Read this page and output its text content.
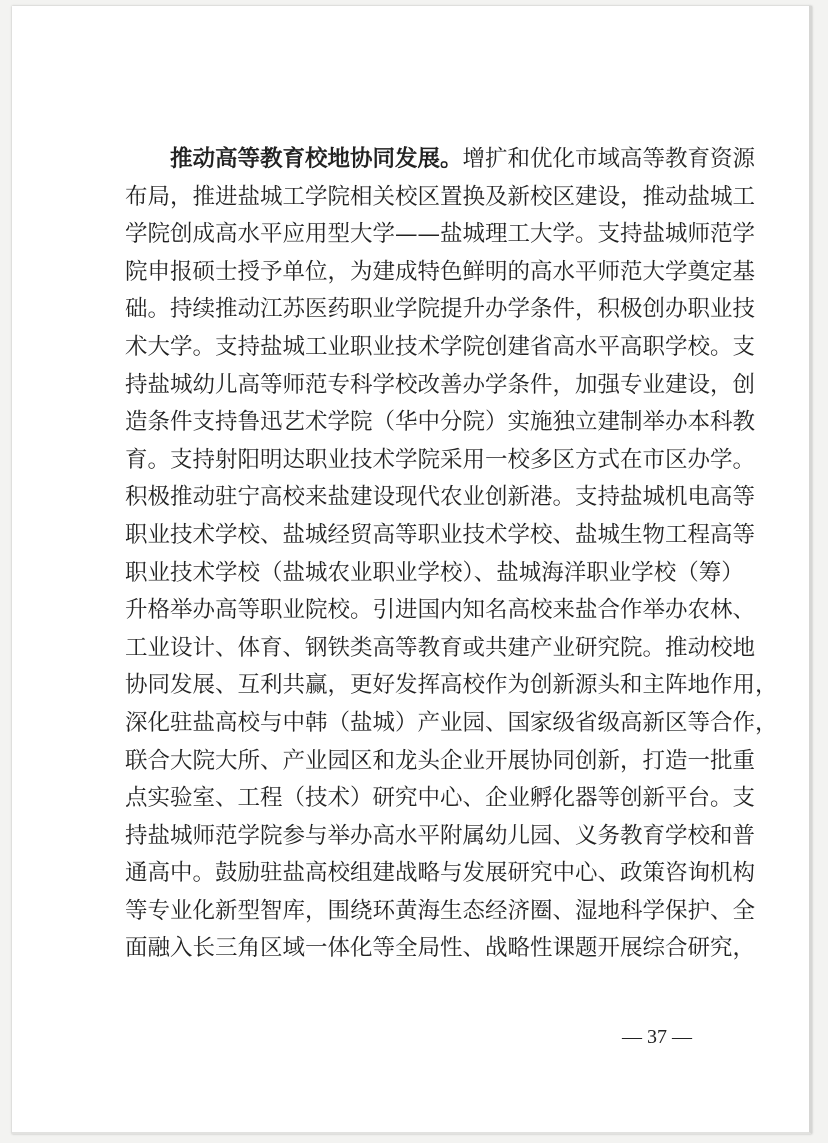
推动高等教育校地协同发展。增扩和优化市域高等教育资源
布局，推进盐城工学院相关校区置换及新校区建设，推动盐城工
学院创成高水平应用型大学——盐城理工大学。支持盐城师范学
院申报硕士授予单位，为建成特色鲜明的高水平师范大学奠定基
础。持续推动江苏医药职业学院提升办学条件，积极创办职业技
术大学。支持盐城工业职业技术学院创建省高水平高职学校。支
持盐城幼儿高等师范专科学校改善办学条件，加强专业建设，创
造条件支持鲁迅艺术学院（华中分院）实施独立建制举办本科教
育。支持射阳明达职业技术学院采用一校多区方式在市区办学。
积极推动驻宁高校来盐建设现代农业创新港。支持盐城机电高等
职业技术学校、盐城经贸高等职业技术学校、盐城生物工程高等
职业技术学校（盐城农业职业学校）、盐城海洋职业学校（筹）
升格举办高等职业院校。引进国内知名高校来盐合作举办农林、
工业设计、体育、钢铁类高等教育或共建产业研究院。推动校地
协同发展、互利共赢，更好发挥高校作为创新源头和主阵地作用，
深化驻盐高校与中韩（盐城）产业园、国家级省级高新区等合作，
联合大院大所、产业园区和龙头企业开展协同创新，打造一批重
点实验室、工程（技术）研究中心、企业孵化器等创新平台。支
持盐城师范学院参与举办高水平附属幼儿园、义务教育学校和普
通高中。鼓励驻盐高校组建战略与发展研究中心、政策咨询机构
等专业化新型智库，围绕环黄海生态经济圈、湿地科学保护、全
面融入长三角区域一体化等全局性、战略性课题开展综合研究，
— 37 —
